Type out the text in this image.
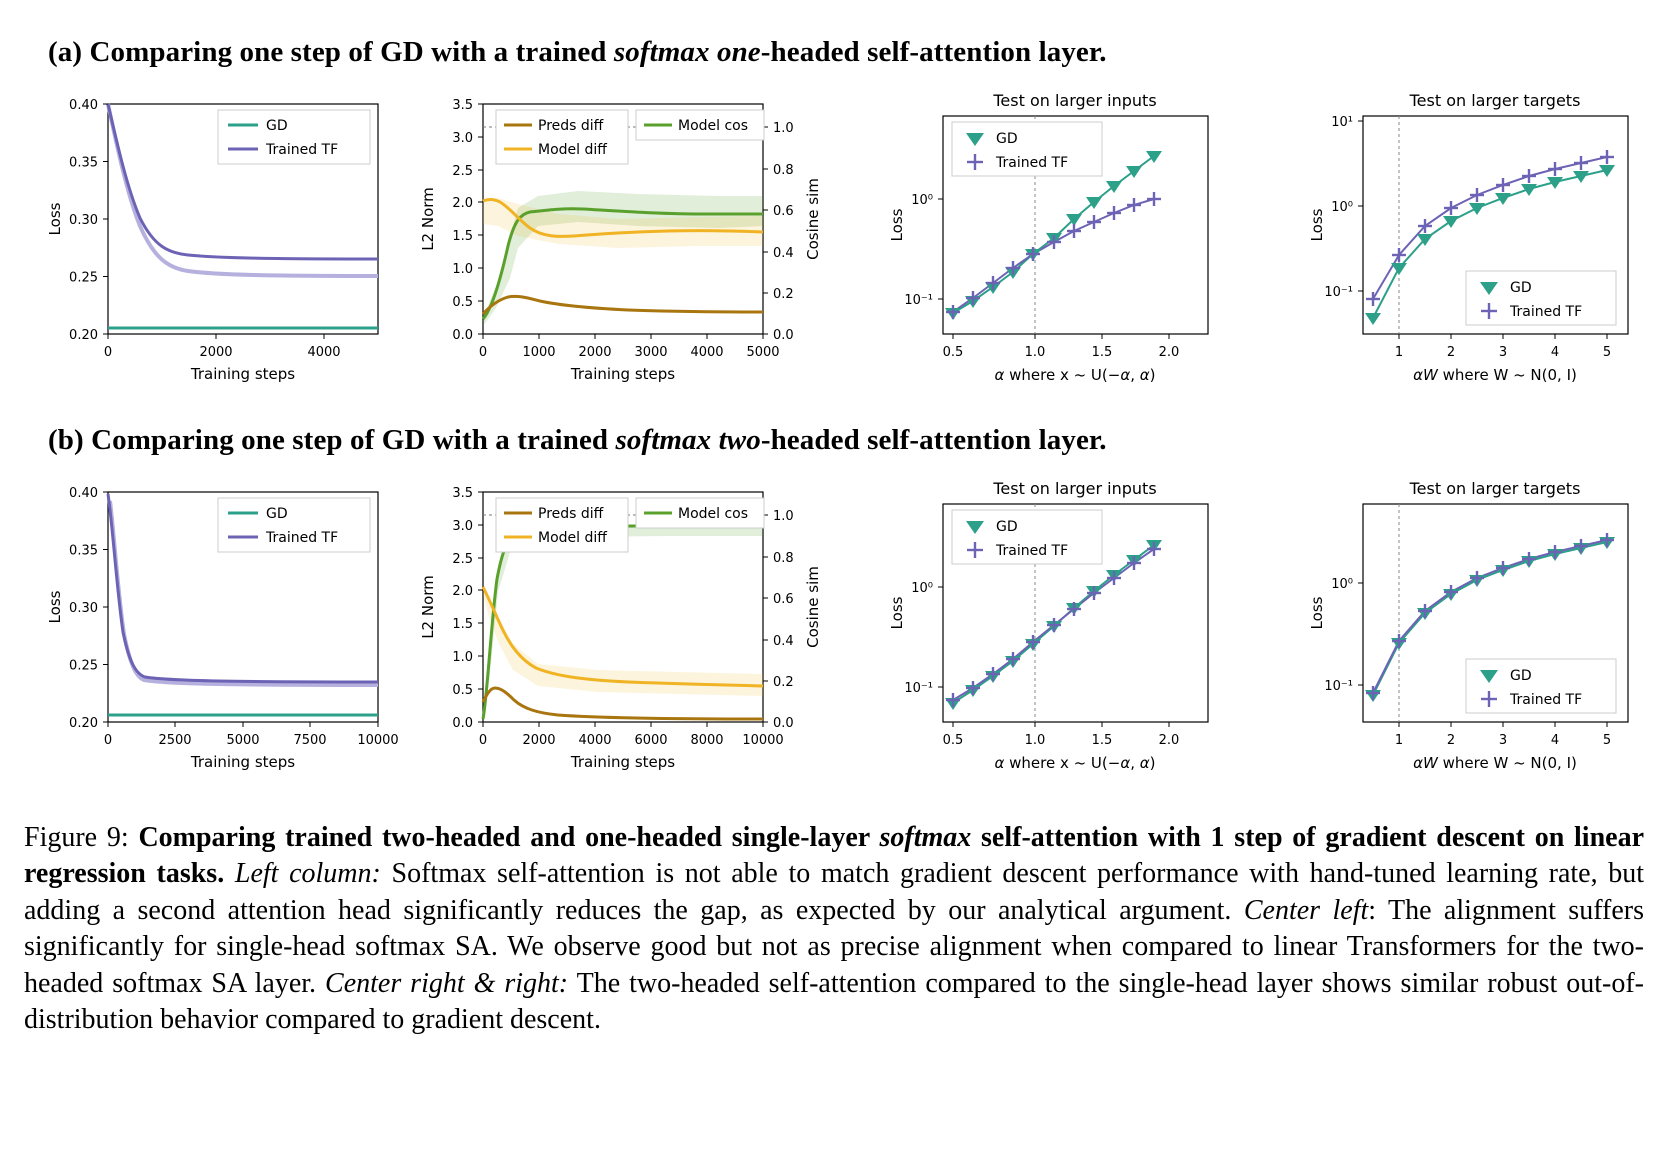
(a) Comparing one step of GD with a trained softmax one-headed self-attention layer.
0.20
0.25
0.30
0.35
0.40
0	2000	4000
Training steps
Loss
GD
Trained TF
0.0
0.5
1.0
1.5
2.0
2.5
3.0
3.5
0.0
0.2
0.4
0.6
0.8
1.0
0	1000 2000 3000 4000 5000
Training steps
L2 Norm	Cosine sim
Preds diff
Model diff
Model cos
Test on larger inputs
10⁻¹
10⁰
0.5	1.0	1.5	2.0
α where x ~ U(−α, α)
Loss
GD
Trained TF
Test on larger targets
10⁻¹
10⁰
10¹
1	2	3	4	5
αW where W ~ N(0, I)
Loss
GD
Trained TF
(b) Comparing one step of GD with a trained softmax two-headed self-attention layer.
0.20
0.25
0.30
0.35
0.40
0	2500	5000	7500 10000
Training steps
Loss
GD
Trained TF
0.0
0.5
1.0
1.5
2.0
2.5
3.0
3.5
0.0
0.2
0.4
0.6
0.8
1.0
0	2000 4000 6000 8000 10000
Training steps
L2 Norm	Cosine sim
Preds diff
Model diff
Model cos
Test on larger inputs
10⁻¹
10⁰
0.5	1.0	1.5	2.0
α where x ~ U(−α, α)
Loss
GD
Trained TF
Test on larger targets
10⁻¹
10⁰
1	2	3	4	5
αW where W ~ N(0, I)
Loss
GD
Trained TF
Figure 9: Comparing trained two-headed and one-headed single-layer softmax self-attention with 1 step of gradient descent on linear regression tasks. Left column: Softmax self-attention is not able to match gradient descent performance with hand-tuned learning rate, but adding a second attention head significantly reduces the gap, as expected by our analytical argument. Center left: The alignment suffers significantly for single-head softmax SA. We observe good but not as precise alignment when compared to linear Transformers for the two-headed softmax SA layer. Center right & right: The two-headed self-attention compared to the single-head layer shows similar robust out-of-distribution behavior compared to gradient descent.
